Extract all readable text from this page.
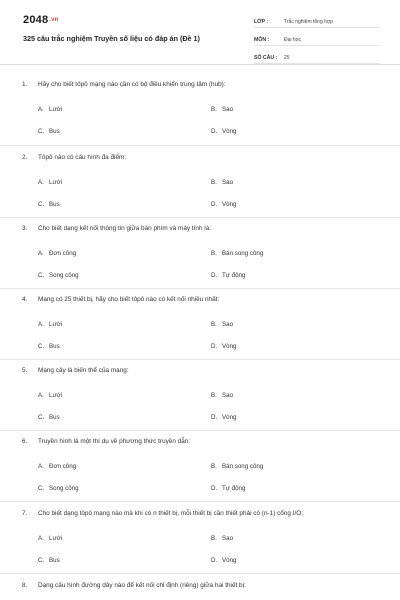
2048.vn
325 câu trắc nghiệm Truyền số liệu có đáp án (Đề 1)
LỚP :	Trắc nghiệm tổng hợp
MÔN :	Đại học
SỐ CÂU :	25
1. Hãy cho biết tôpô mạng nào cần có bộ điều khiển trung tâm (hub):
A. Lưới	B. Sao
C. Bus	D. Vòng
2. Tôpô nào có cấu hình đa điểm:
A. Lưới	B. Sao
C. Bus	D. Vòng
3. Cho biết dạng kết nối thông tin giữa bàn phím và máy tính là:
A. Đơn công	B. Bán song công
C. Song công	D. Tự động
4. Mạng có 25 thiết bị, hãy cho biết tôpô nào có kết nối nhiều nhất:
A. Lưới	B. Sao
C. Bus	D. Vòng
5. Mạng cây là biến thể của mạng:
A. Lưới	B. Sao
C. Bus	D. Vòng
6. Truyền hình là một thí dụ về phương thức truyền dẫn:
A. Đơn công	B. Bán song công
C. Song công	D. Tự động
7. Cho biết dạng tôpô mạng nào mà khi có n thiết bị, mỗi thiết bị cần thiết phải có (n-1) cổng I/O:
A. Lưới	B. Sao
C. Bus	D. Vòng
8. Dạng cấu hình đường dây nào để kết nối chỉ định (riêng) giữa hai thiết bị:
